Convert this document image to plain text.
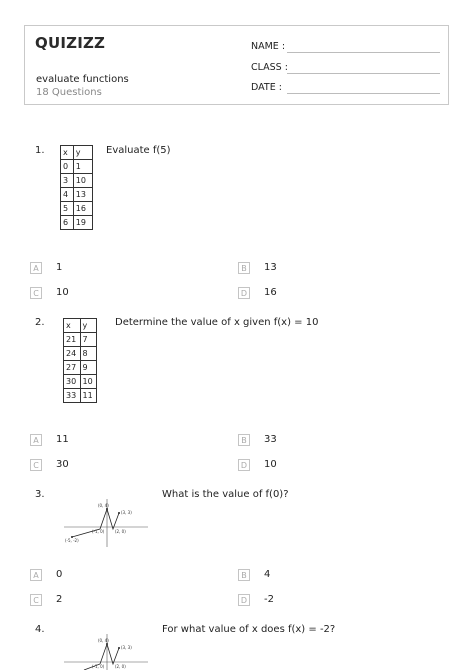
QUIZIZZ
evaluate functions
18 Questions
NAME :
CLASS :
DATE :
1. x	y
0	1
3	10
4	13
5	16
6	19
Evaluate f(5)
A	1	B	13
C	10	D 16
2.	x	y
21	7
24	8
27	9
30	10
33	11
Determine the value of x given f(x) = 10
A	11	B	33
C	30	D 10
3.
(0, 4)
(3, 3)
(-5, -2)
(-1, 0)	(2, 0)
What is the value of f(0)?
A	0	B	4
C	2	D -2
4.
(0, 4)
(3, 3)
(-1, 0)	(2, 0)
For what value of x does f(x) = -2?
